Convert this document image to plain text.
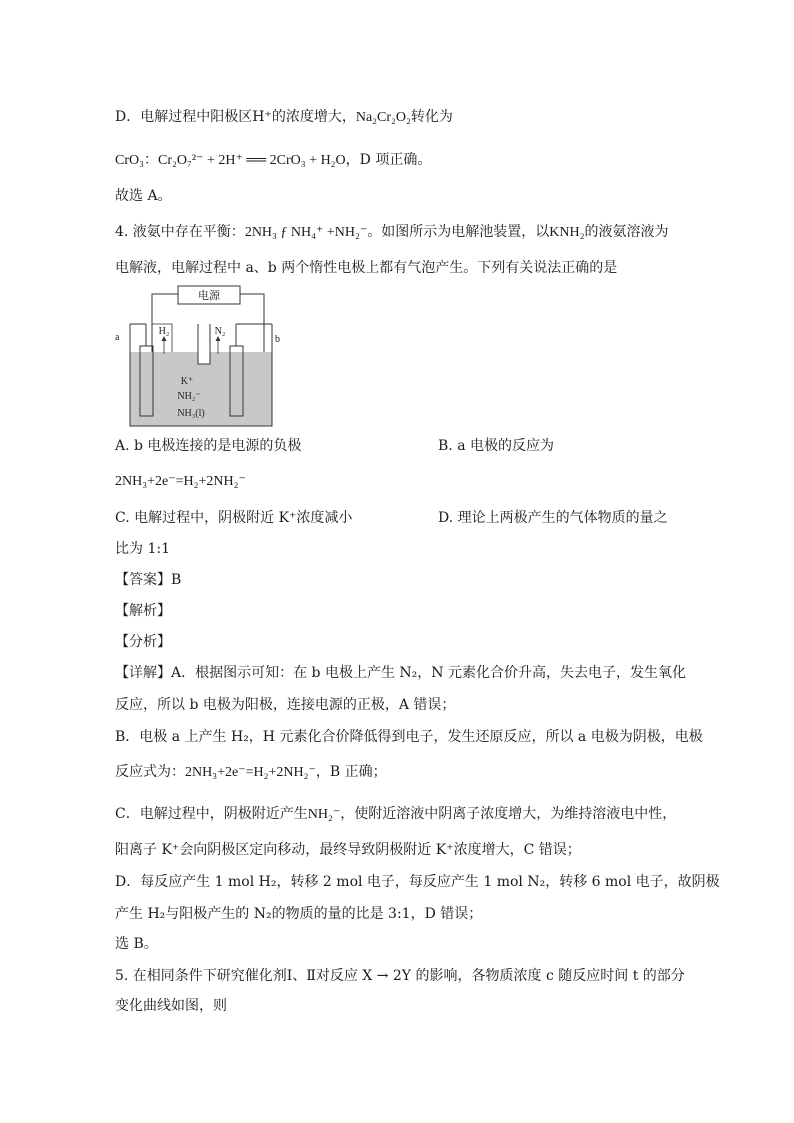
D．电解过程中阳极区H⁺的浓度增大，Na₂Cr₂O₂转化为
CrO₃：Cr₂O₇²⁻ + 2H⁺ ══ 2CrO₃ + H₂O，D 项正确。
故选 A。
4. 液氨中存在平衡：2NH₃ ƒ NH₄⁺ +NH₂⁻。如图所示为电解池装置，以KNH₂的液氨溶液为
电解液，电解过程中 a、b 两个惰性电极上都有气泡产生。下列有关说法正确的是
电源
H₂	N₂
a	b
K⁺
NH₂⁻
NH₃(l)
A. b 电极连接的是电源的负极	B. a 电极的反应为
2NH₃+2e⁻=H₂+2NH₂⁻
C. 电解过程中，阴极附近 K⁺浓度减小	D. 理论上两极产生的气体物质的量之
比为 1:1
【答案】B
【解析】
【分析】
【详解】A．根据图示可知：在 b 电极上产生 N₂，N 元素化合价升高，失去电子，发生氧化
反应，所以 b 电极为阳极，连接电源的正极，A 错误；
B．电极 a 上产生 H₂，H 元素化合价降低得到电子，发生还原反应，所以 a 电极为阴极，电极
反应式为：2NH₃+2e⁻=H₂+2NH₂⁻，B 正确；
C．电解过程中，阴极附近产生NH₂⁻，使附近溶液中阴离子浓度增大，为维持溶液电中性，
阳离子 K⁺会向阴极区定向移动，最终导致阴极附近 K⁺浓度增大，C 错误；
D．每反应产生 1 mol H₂，转移 2 mol 电子，每反应产生 1 mol N₂，转移 6 mol 电子，故阴极
产生 H₂与阳极产生的 N₂的物质的量的比是 3:1，D 错误；
选 B。
5. 在相同条件下研究催化剂Ⅰ、Ⅱ对反应 X → 2Y 的影响，各物质浓度 c 随反应时间 t 的部分
变化曲线如图，则
